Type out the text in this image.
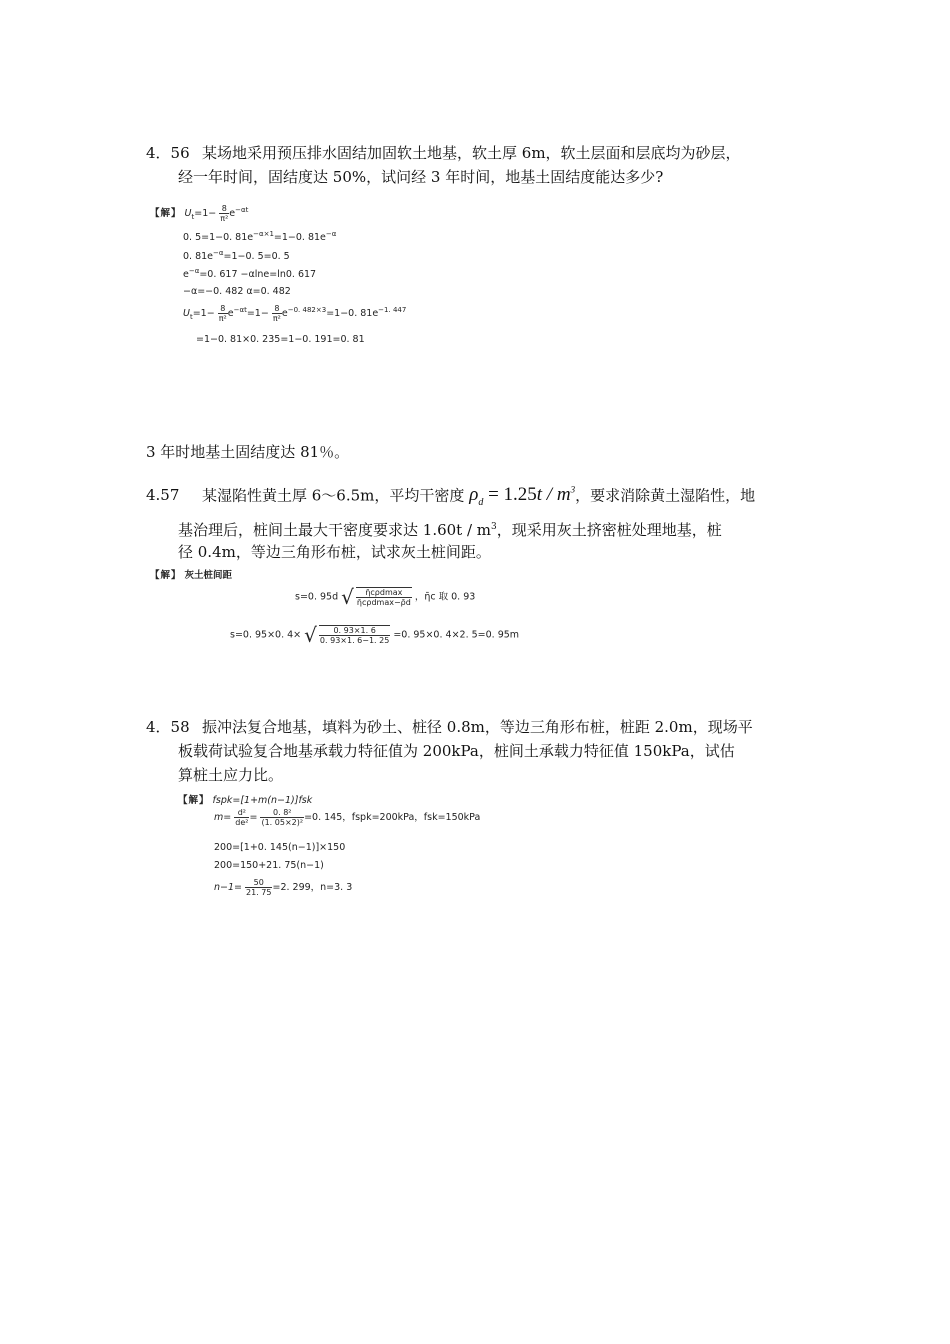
4．56 某场地采用预压排水固结加固软土地基，软土厚 6m，软土层面和层底均为砂层，
经一年时间，固结度达 50%，试问经 3 年时间，地基土固结度能达多少?

【解】 $U_t=1- \frac{8}{\text{π²}} e^{-\alpha t}$
0. 5=1−0. $81e^{-\alpha\times 1}=1-0$. $81e^{-\alpha}$
0. $81e^{-\alpha}=1-0$. 5=0. 5
$e^{-\alpha}=0$. 617 −αlne=ln0. 617
−α=−0. 482 α=0. 482
$U_t=1- \frac{8}{\text{π²}} e^{-\alpha t}=1- \frac{8}{\text{π²}} e^{-0. 482\times 3}=1-0$. $81e^{-1. 447}$
=1−0. 81×0. 235=1−0. 191=0. 81

3 年时地基土固结度达 81％。

4.57 某湿陷性黄土厚 6～6.5m，平均干密度 $\rho_d = 1.25t / m^3$，要求消除黄土湿陷性，地

基治理后，桩间土最大干密度要求达 $1.60t / m^3$，现采用灰土挤密桩处理地基，桩

径 0.4m，等边三角形布桩，试求灰土桩间距。

【解】 灰土桩间距
s=0. 95d √ $\frac{\text{η̄cρdmax}}{\text{η̄cρdmax−ρ̄d}}$ ，η̄c 取 0. 93
s=0. 95×0. 4× √ $\frac{0. 93\times 1. 6}{0. 93\times 1. 6-1. 25} =0$. 95×0. 4×2. 5=0. 95m

4．58 振冲法复合地基，填料为砂土、桩径 0.8m，等边三角形布桩，桩距 2.0m，现场平
板载荷试验复合地基承载力特征值为 200kPa，桩间土承载力特征值 150kPa，试估
算桩土应力比。

【解】 fspk=[1+m(n−1)]fsk
$m= \frac{\text{d²}}{\text{de²}} = \frac{\text{0. 8²}}{\text{(1. 05×2)²}} =0$. 145，fspk=200kPa，fsk=150kPa
200=[1+0. 145(n−1)]×150
200=150+21. 75(n−1)
$n-1= \frac{50}{21. 75} =2$. 299，n=3. 3
